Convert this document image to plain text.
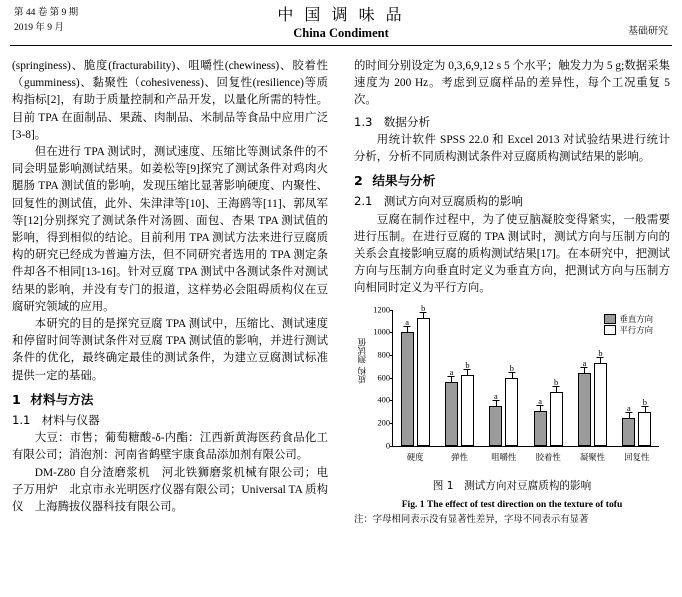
第 44 卷 第 9 期
2019 年 9 月
中 国 调 味 品
China Condiment	基础研究

(springiness)、脆度(fracturability)、咀嚼性(chewiness)、胶着性（gumminess)、黏聚性（cohesiveness)、回复性(resilience)等质构指标[2]，有助于质量控制和产品开发，以量化所需的特性。目前 TPA 在面制品、果蔬、肉制品、米制品等食品中应用广泛[3-8]。

但在进行 TPA 测试时，测试速度、压缩比等测试条件的不同会明显影响测试结果。如姜松等[9]探究了测试条件对鸡肉火腿肠 TPA 测试值的影响，发现压缩比显著影响硬度、内聚性、回复性的测试值，此外、朱津津等[10]、王海鸥等[11]、郭凤军等[12]分别探究了测试条件对汤圆、面包、杏果 TPA 测试值的影响，得到相似的结论。目前利用 TPA 测试方法来进行豆腐质构的研究已经成为普遍方法，但不同研究者选用的 TPA 测定条件却各不相同[13-16]。针对豆腐 TPA 测试中各测试条件对测试结果的影响，并没有专门的报道，这样势必会阻碍质构仪在豆腐研究领域的应用。

本研究的目的是探究豆腐 TPA 测试中，压缩比、测试速度和停留时间等测试条件对豆腐 TPA 测试值的影响，并进行测试条件的优化，最终确定最佳的测试条件，为建立豆腐测试标准提供一定的基础。

1 材料与方法
1.1 材料与仪器

大豆：市售；葡萄糖酸-δ-内酯：江西新黄海医药食品化工有限公司；消泡剂：河南省鹤壁宇康食品添加剂有限公司。

DM-Z80 自分渣磨浆机　河北铁狮磨浆机械有限公司；电子万用炉　北京市永光明医疗仪器有限公司；Universal TA 质构仪　上海腾拔仪器科技有限公司。

的时间分别设定为 0,3,6,9,12 s 5 个水平；触发力为 5 g;数据采集速度为 200 Hz。考虑到豆腐样品的差异性，每个工况重复 5 次。

1.3 数据分析

用统计软件 SPSS 22.0 和 Excel 2013 对试验结果进行统计分析，分析不同质构测试条件对豆腐质构测试结果的影响。

2 结果与分析
2.1 测试方向对豆腐质构的影响

豆腐在制作过程中，为了使豆脑凝胶变得紧实，一般需要进行压制。在进行豆腐的 TPA 测试时，测试方向与压制方向的关系会直接影响豆腐的质构测试结果[17]。在本研究中，把测试方向与压制方向垂直时定义为垂直方向，把测试方向与压制方向相同时定义为平行方向。

质构 测试值
垂直方向
平行方向
a
b
硬度
a
b
弹性
a
b
咀嚼性
a
b
胶着性
a
b
凝聚性
a
b
回复性
0
200
400
600
800
1000
1200
图 1　测试方向对豆腐质构的影响
Fig. 1 The effect of test direction on the texture of tofu

注：字母相同表示没有显著性差异，字母不同表示有显著
